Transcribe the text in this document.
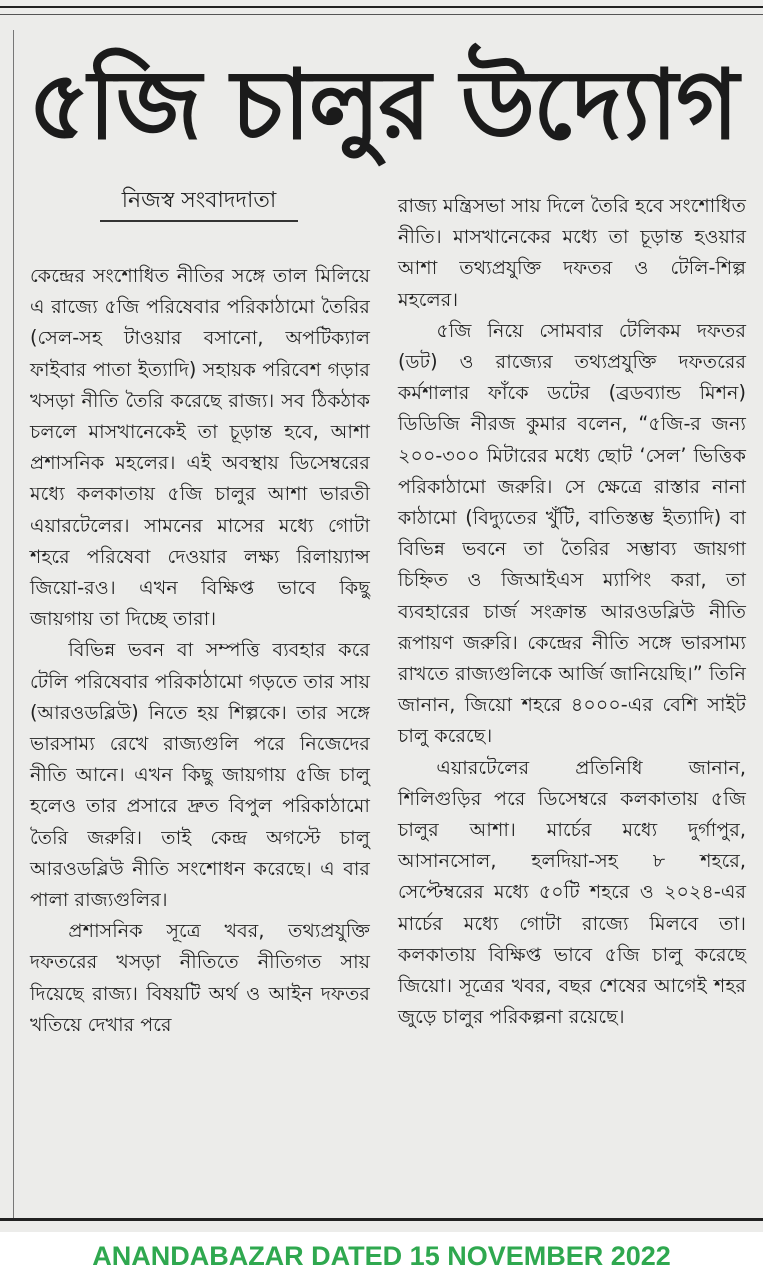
৫জি চালুর উদ্যোগ
নিজস্ব সংবাদদাতা

কেন্দ্রের সংশোধিত নীতির সঙ্গে তাল মিলিয়ে এ রাজ্যে ৫জি পরিষেবার পরিকাঠামো তৈরির (সেল-সহ টাওয়ার বসানো, অপটিক্যাল ফাইবার পাতা ইত্যাদি) সহায়ক পরিবেশ গড়ার খসড়া নীতি তৈরি করেছে রাজ্য। সব ঠিকঠাক চললে মাসখানেকেই তা চূড়ান্ত হবে, আশা প্রশাসনিক মহলের। এই অবস্থায় ডিসেম্বরের মধ্যে কলকাতায় ৫জি চালুর আশা ভারতী এয়ারটেলের। সামনের মাসের মধ্যে গোটা শহরে পরিষেবা দেওয়ার লক্ষ্য রিলায়্যান্স জিয়ো-রও। এখন বিক্ষিপ্ত ভাবে কিছু জায়গায় তা দিচ্ছে তারা।

বিভিন্ন ভবন বা সম্পত্তি ব্যবহার করে টেলি পরিষেবার পরিকাঠামো গড়তে তার সায় (আরওডব্লিউ) নিতে হয় শিল্পকে। তার সঙ্গে ভারসাম্য রেখে রাজ্যগুলি পরে নিজেদের নীতি আনে। এখন কিছু জায়গায় ৫জি চালু হলেও তার প্রসারে দ্রুত বিপুল পরিকাঠামো তৈরি জরুরি। তাই কেন্দ্র অগস্টে চালু আরওডব্লিউ নীতি সংশোধন করেছে। এ বার পালা রাজ্যগুলির।

প্রশাসনিক সূত্রে খবর, তথ্যপ্রযুক্তি দফতরের খসড়া নীতিতে নীতিগত সায় দিয়েছে রাজ্য। বিষয়টি অর্থ ও আইন দফতর খতিয়ে দেখার পরে

রাজ্য মন্ত্রিসভা সায় দিলে তৈরি হবে সংশোধিত নীতি। মাসখানেকের মধ্যে তা চূড়ান্ত হওয়ার আশা তথ্যপ্রযুক্তি দফতর ও টেলি-শিল্প মহলের।

৫জি নিয়ে সোমবার টেলিকম দফতর (ডট) ও রাজ্যের তথ্যপ্রযুক্তি দফতরের কর্মশালার ফাঁকে ডটের (ব্রডব্যান্ড মিশন) ডিডিজি নীরজ কুমার বলেন, “৫জি-র জন্য ২০০-৩০০ মিটারের মধ্যে ছোট ‘সেল’ ভিত্তিক পরিকাঠামো জরুরি। সে ক্ষেত্রে রাস্তার নানা কাঠামো (বিদ্যুতের খুঁটি, বাতিস্তম্ভ ইত্যাদি) বা বিভিন্ন ভবনে তা তৈরির সম্ভাব্য জায়গা চিহ্নিত ও জিআইএস ম্যাপিং করা, তা ব্যবহারের চার্জ সংক্রান্ত আরওডব্লিউ নীতি রূপায়ণ জরুরি। কেন্দ্রের নীতি সঙ্গে ভারসাম্য রাখতে রাজ্যগুলিকে আর্জি জানিয়েছি।” তিনি জানান, জিয়ো শহরে ৪০০০-এর বেশি সাইট চালু করেছে।

এয়ারটেলের প্রতিনিধি জানান, শিলিগুড়ির পরে ডিসেম্বরে কলকাতায় ৫জি চালুর আশা। মার্চের মধ্যে দুর্গাপুর, আসানসোল, হলদিয়া-সহ ৮ শহরে, সেপ্টেম্বরের মধ্যে ৫০টি শহরে ও ২০২৪-এর মার্চের মধ্যে গোটা রাজ্যে মিলবে তা। কলকাতায় বিক্ষিপ্ত ভাবে ৫জি চালু করেছে জিয়ো। সূত্রের খবর, বছর শেষের আগেই শহর জুড়ে চালুর পরিকল্পনা রয়েছে।

ANANDABAZAR DATED 15 NOVEMBER 2022
